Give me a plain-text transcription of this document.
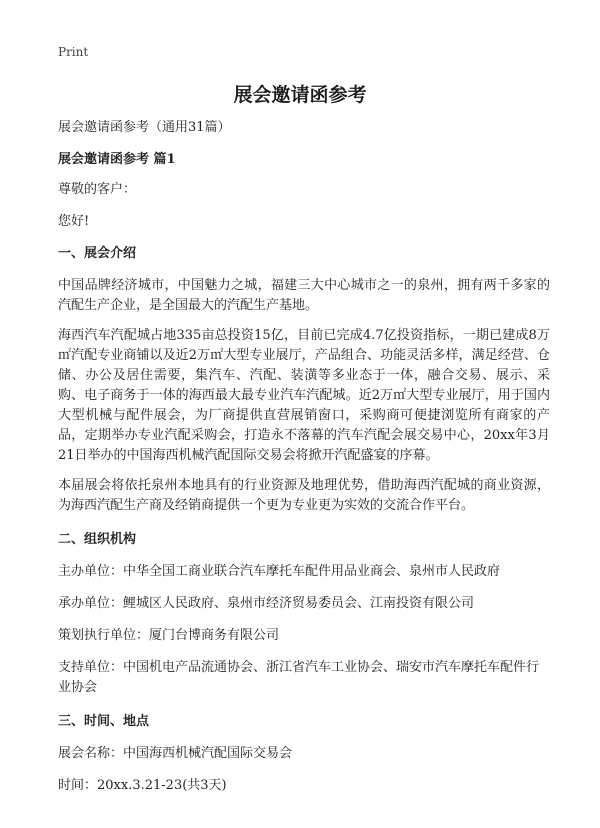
Print
展会邀请函参考

展会邀请函参考（通用31篇）

展会邀请函参考 篇1

尊敬的客户：

您好!

一、展会介绍

中国品牌经济城市，中国魅力之城，福建三大中心城市之一的泉州，拥有两千多家的汽配生产企业，是全国最大的汽配生产基地。

海西汽车汽配城占地335亩总投资15亿，目前已完成4.7亿投资指标，一期已建成8万㎡汽配专业商铺以及近2万㎡大型专业展厅，产品组合、功能灵活多样，满足经营、仓储、办公及居住需要，集汽车、汽配、装潢等多业态于一体，融合交易、展示、采购、电子商务于一体的海西最大最专业汽车汽配城。近2万㎡大型专业展厅，用于国内大型机械与配件展会，为厂商提供直营展销窗口，采购商可便捷浏览所有商家的产品，定期举办专业汽配采购会，打造永不落幕的汽车汽配会展交易中心，20xx年3月21日举办的中国海西机械汽配国际交易会将掀开汽配盛宴的序幕。

本届展会将依托泉州本地具有的行业资源及地理优势，借助海西汽配城的商业资源，为海西汽配生产商及经销商提供一个更为专业更为实效的交流合作平台。

二、组织机构

主办单位：中华全国工商业联合汽车摩托车配件用品业商会、泉州市人民政府

承办单位：鲤城区人民政府、泉州市经济贸易委员会、江南投资有限公司

策划执行单位：厦门台博商务有限公司

支持单位：中国机电产品流通协会、浙江省汽车工业协会、瑞安市汽车摩托车配件行业协会

三、时间、地点

展会名称：中国海西机械汽配国际交易会

时间：20xx.3.21-23(共3天)
